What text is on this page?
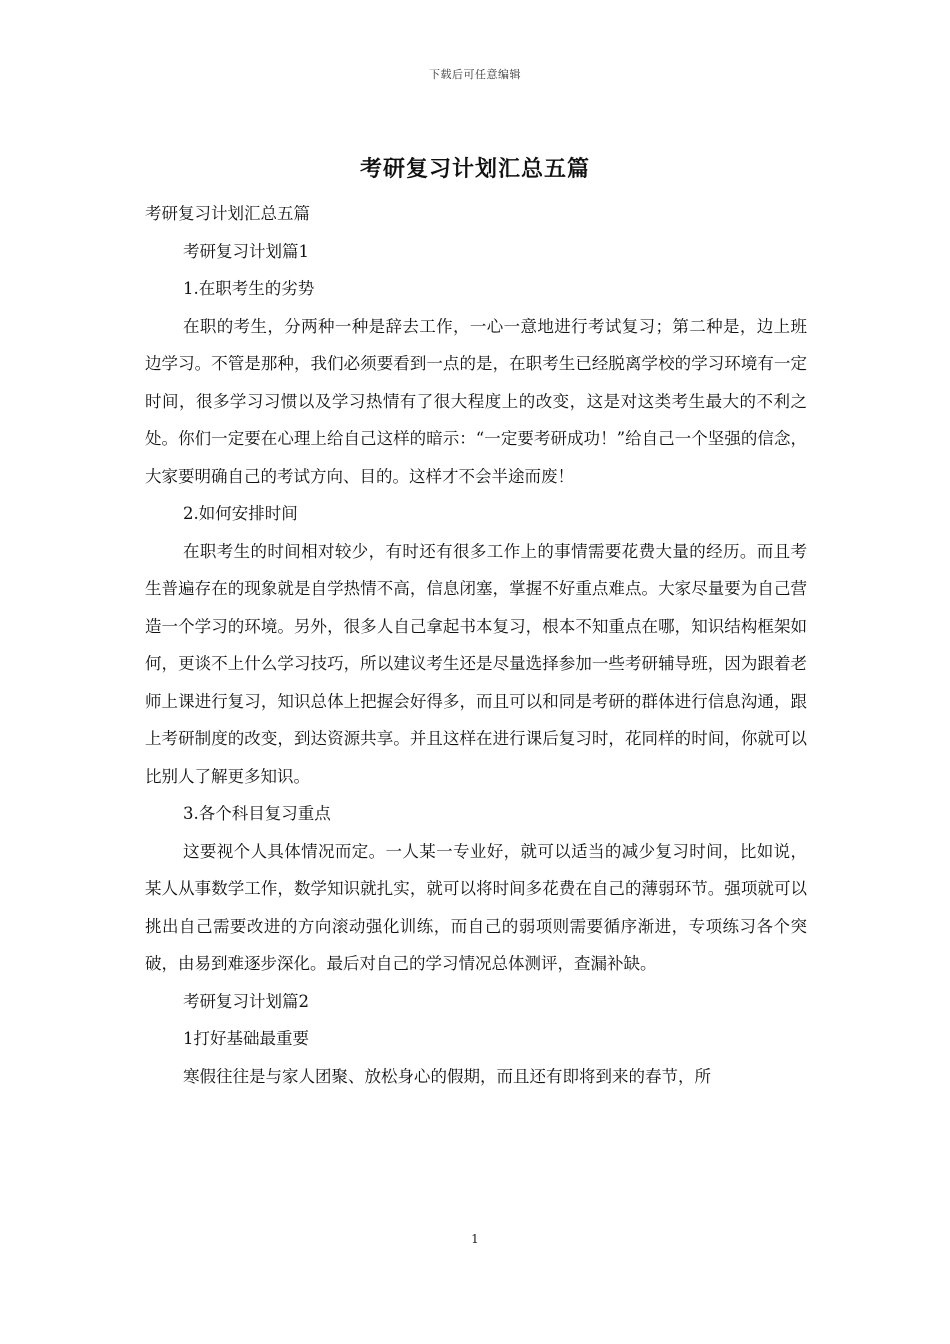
下载后可任意编辑
考研复习计划汇总五篇

考研复习计划汇总五篇

考研复习计划篇1

1.在职考生的劣势

在职的考生，分两种一种是辞去工作，一心一意地进行考试复习；第二种是，边上班边学习。不管是那种，我们必须要看到一点的是，在职考生已经脱离学校的学习环境有一定时间，很多学习习惯以及学习热情有了很大程度上的改变，这是对这类考生最大的不利之处。你们一定要在心理上给自己这样的暗示：“一定要考研成功！”给自己一个坚强的信念，大家要明确自己的考试方向、目的。这样才不会半途而废！

2.如何安排时间

在职考生的时间相对较少，有时还有很多工作上的事情需要花费大量的经历。而且考生普遍存在的现象就是自学热情不高，信息闭塞，掌握不好重点难点。大家尽量要为自己营造一个学习的环境。另外，很多人自己拿起书本复习，根本不知重点在哪，知识结构框架如何，更谈不上什么学习技巧，所以建议考生还是尽量选择参加一些考研辅导班，因为跟着老师上课进行复习，知识总体上把握会好得多，而且可以和同是考研的群体进行信息沟通，跟上考研制度的改变，到达资源共享。并且这样在进行课后复习时，花同样的时间，你就可以比别人了解更多知识。

3.各个科目复习重点

这要视个人具体情况而定。一人某一专业好，就可以适当的减少复习时间，比如说，某人从事数学工作，数学知识就扎实，就可以将时间多花费在自己的薄弱环节。强项就可以挑出自己需要改进的方向滚动强化训练，而自己的弱项则需要循序渐进，专项练习各个突破，由易到难逐步深化。最后对自己的学习情况总体测评，查漏补缺。

考研复习计划篇2

1打好基础最重要

寒假往往是与家人团聚、放松身心的假期，而且还有即将到来的春节，所

1
